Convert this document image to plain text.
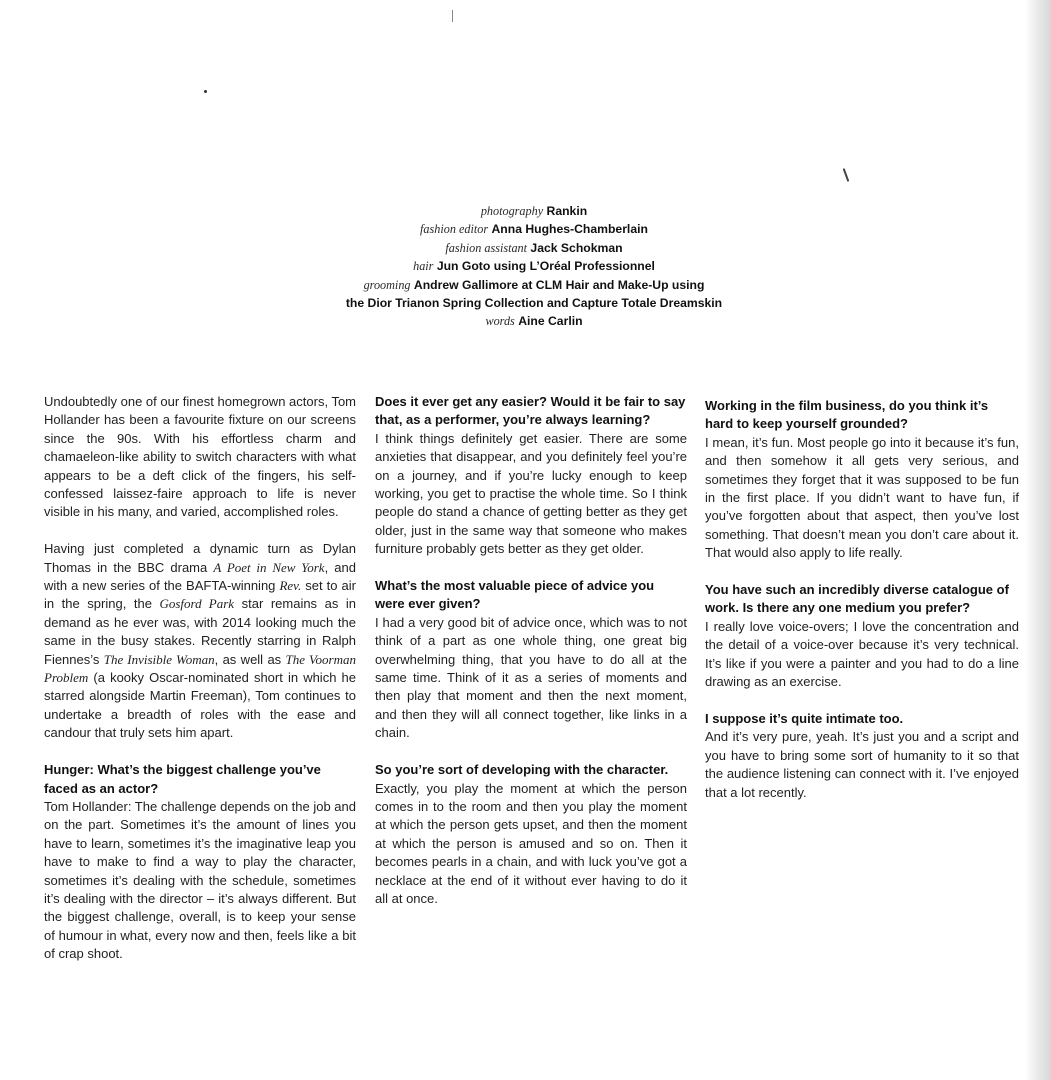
photography Rankin
fashion editor Anna Hughes-Chamberlain
fashion assistant Jack Schokman
hair Jun Goto using L’Oréal Professionnel
grooming Andrew Gallimore at CLM Hair and Make-Up using
the Dior Trianon Spring Collection and Capture Totale Dreamskin
words Aine Carlin

Undoubtedly one of our finest homegrown actors, Tom Hollander has been a favourite fixture on our screens since the 90s. With his effortless charm and chamaeleon-like ability to switch characters with what appears to be a deft click of the fingers, his self-confessed laissez-faire approach to life is never visible in his many, and varied, accomplished roles.

Having just completed a dynamic turn as Dylan Thomas in the BBC drama A Poet in New York, and with a new series of the BAFTA-winning Rev. set to air in the spring, the Gosford Park star remains as in demand as he ever was, with 2014 looking much the same in the busy stakes. Recently starring in Ralph Fiennes’s The Invisible Woman, as well as The Voorman Problem (a kooky Oscar-nominated short in which he starred alongside Martin Freeman), Tom continues to undertake a breadth of roles with the ease and candour that truly sets him apart.

Hunger: What’s the biggest challenge you’ve faced as an actor?

Tom Hollander: The challenge depends on the job and on the part. Sometimes it’s the amount of lines you have to learn, sometimes it’s the imaginative leap you have to make to find a way to play the character, sometimes it’s dealing with the schedule, sometimes it’s dealing with the director – it’s always different. But the biggest challenge, overall, is to keep your sense of humour in what, every now and then, feels like a bit of crap shoot.

Does it ever get any easier? Would it be fair to say that, as a performer, you’re always learning?

I think things definitely get easier. There are some anxieties that disappear, and you definitely feel you’re on a journey, and if you’re lucky enough to keep working, you get to practise the whole time. So I think people do stand a chance of getting better as they get older, just in the same way that someone who makes furniture probably gets better as they get older.

What’s the most valuable piece of advice you were ever given?

I had a very good bit of advice once, which was to not think of a part as one whole thing, one great big overwhelming thing, that you have to do all at the same time. Think of it as a series of moments and then play that moment and then the next moment, and then they will all connect together, like links in a chain.

So you’re sort of developing with the character.

Exactly, you play the moment at which the person comes in to the room and then you play the moment at which the person gets upset, and then the moment at which the person is amused and so on. Then it becomes pearls in a chain, and with luck you’ve got a necklace at the end of it without ever having to do it all at once.

Working in the film business, do you think it’s hard to keep yourself grounded?

I mean, it’s fun. Most people go into it because it’s fun, and then somehow it all gets very serious, and sometimes they forget that it was supposed to be fun in the first place. If you didn’t want to have fun, if you’ve forgotten about that aspect, then you’ve lost something. That doesn’t mean you don’t care about it. That would also apply to life really.

You have such an incredibly diverse catalogue of work. Is there any one medium you prefer?

I really love voice-overs; I love the concentration and the detail of a voice-over because it’s very technical. It’s like if you were a painter and you had to do a line drawing as an exercise.

I suppose it’s quite intimate too.

And it’s very pure, yeah. It’s just you and a script and you have to bring some sort of humanity to it so that the audience listening can connect with it. I’ve enjoyed that a lot recently.
